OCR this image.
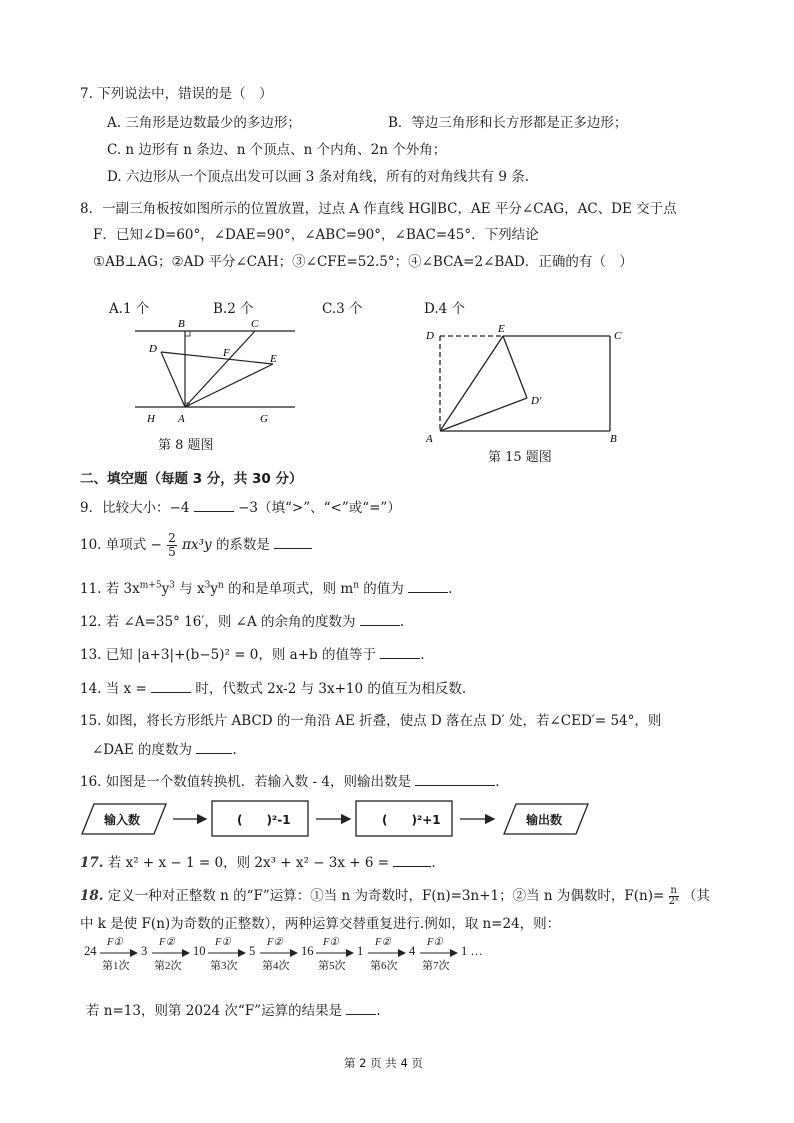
7. 下列说法中，错误的是（　）
A. 三角形是边数最少的多边形；	B．等边三角形和长方形都是正多边形；
C. n 边形有 n 条边、n 个顶点、n 个内角、2n 个外角；
D. 六边形从一个顶点出发可以画 3 条对角线，所有的对角线共有 9 条.
8．一副三角板按如图所示的位置放置，过点 A 作直线 HG∥BC，AE 平分∠CAG，AC、DE 交于点
F．已知∠D=60°，∠DAE=90°，∠ABC=90°，∠BAC=45°．下列结论
①AB⊥AG；②AD 平分∠CAH；③∠CFE=52.5°；④∠BCA=2∠BAD．正确的有（　）
A.1 个	B.2 个	C.3 个	D.4 个
B	C
D	F	E
H A	G
第 8 题图
D
E
C
D′
A	B
第 15 题图
二、填空题（每题 3 分，共 30 分）
9．比较大小：−4	−3（填“>”、“<”或“=”）
10. 单项式 − $\frac{2}{5} \pi x^3y$ 的系数是
11. 若 $3x^{m+5}y^3$ 与 $x^3y^n$ 的和是单项式，则 $m^n$ 的值为	.
12. 若 ∠A=35° 16′，则 ∠A 的余角的度数为	.
13. 已知 |a+3|+(b−5)² = 0，则 a+b 的值等于	.
14. 当 x =	时，代数式 2x-2 与 3x+10 的值互为相反数.
15. 如图，将长方形纸片 ABCD 的一角沿 AE 折叠，使点 D 落在点 D′ 处，若∠CED′= 54°，则
∠DAE 的度数为	.
16. 如图是一个数值转换机．若输入数 - 4，则输出数是	.
输入数	(　　)²-1	(　　)²+1	输出数
17. 若 x² + x − 1 = 0，则 2x³ + x² − 3x + 6 =	.
18. 定义一种对正整数 n 的“F”运算：①当 n 为奇数时，F(n)=3n+1；②当 n 为偶数时，$F(n)= \frac{n}{\text{2ᵏ}}$ （其
中 k 是使 F(n)为奇数的正整数），两种运算交替重复进行.例如，取 n=24，则：
24
F①
第1次
3
F②
第2次
10
F①
第3次
5
F②
第4次
16
F①
第5次
1
F②
第6次
4
F①
第7次
1 …
若 n=13，则第 2024 次“F”运算的结果是	.
第 2 页 共 4 页
